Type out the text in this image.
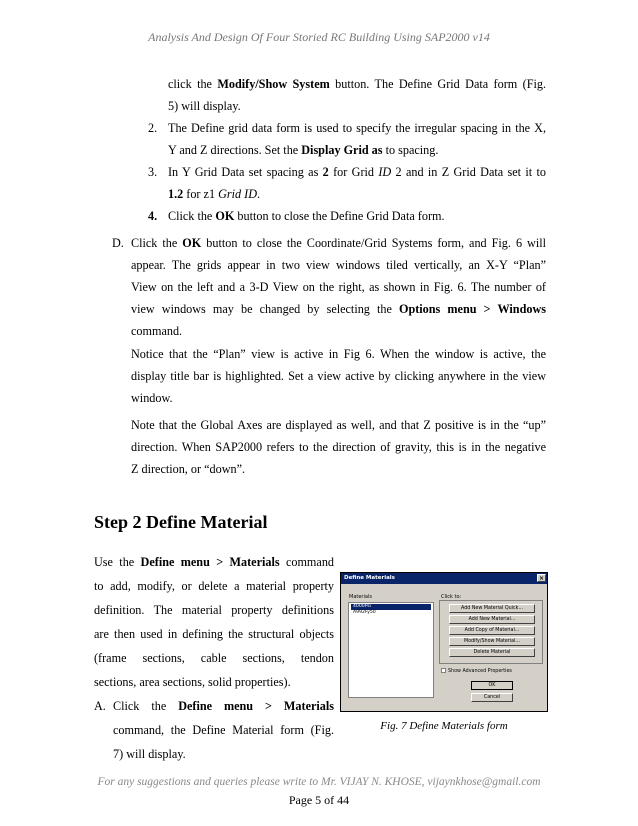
Analysis And Design Of Four Storied RC Building Using SAP2000 v14
click the Modify/Show System button. The Define Grid Data form (Fig.
5) will display.
2. The Define grid data form is used to specify the irregular spacing in the X,
Y and Z directions. Set the Display Grid as to spacing.
3. In Y Grid Data set spacing as 2 for Grid ID 2 and in Z Grid Data set it to
1.2 for z1 Grid ID.
4. Click the OK button to close the Define Grid Data form.
D. Click the OK button to close the Coordinate/Grid Systems form, and Fig. 6 will
appear. The grids appear in two view windows tiled vertically, an X-Y “Plan”
View on the left and a 3-D View on the right, as shown in Fig. 6. The number of
view windows may be changed by selecting the Options menu > Windows
command.
Notice that the “Plan” view is active in Fig 6. When the window is active, the
display title bar is highlighted. Set a view active by clicking anywhere in the view
window.
Note that the Global Axes are displayed as well, and that Z positive is in the “up”
direction. When SAP2000 refers to the direction of gravity, this is in the negative
Z direction, or “down”.
Step 2 Define Material
Use the Define menu > Materials command
to add, modify, or delete a material property
definition. The material property definitions
are then used in defining the structural objects
(frame sections, cable sections, tendon
sections, area sections, solid properties).
A. Click the Define menu > Materials
command, the Define Material form (Fig.
7) will display.
Define Materials	×
Materials	Click to:
4000Psi
A992Fy50
Add New Material Quick...
Add New Material...
Add Copy of Material...
Modify/Show Material...
Delete Material
Show Advanced Properties
OK
Cancel
Fig. 7 Define Materials form
For any suggestions and queries please write to Mr. VIJAY N. KHOSE, vijaynkhose@gmail.com
Page 5 of 44
